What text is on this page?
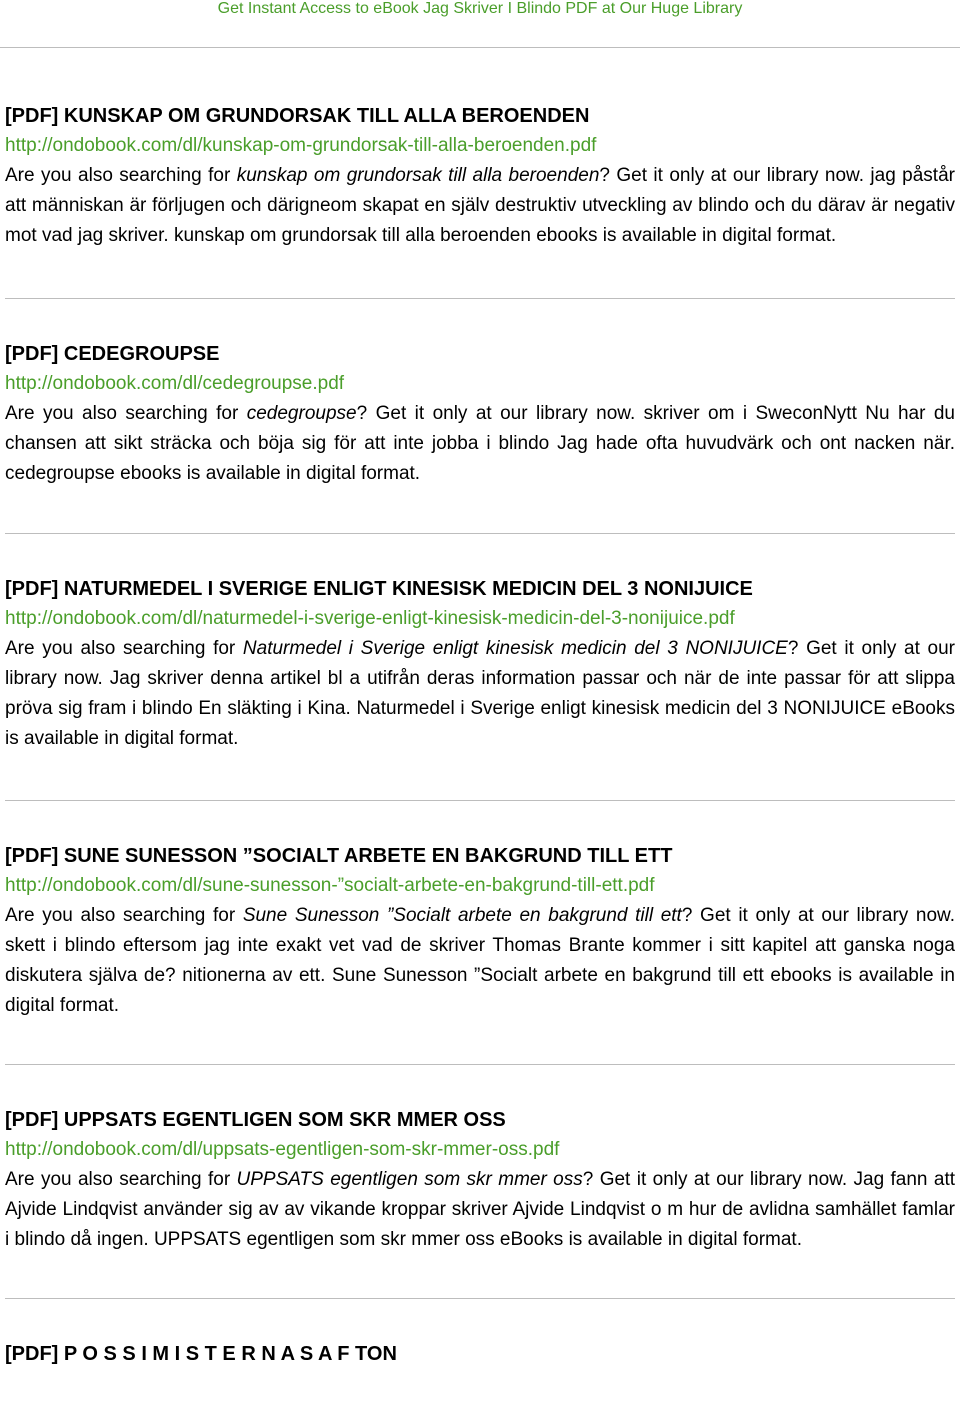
Get Instant Access to eBook Jag Skriver I Blindo PDF at Our Huge Library
[PDF] KUNSKAP OM GRUNDORSAK TILL ALLA BEROENDEN
http://ondobook.com/dl/kunskap-om-grundorsak-till-alla-beroenden.pdf

Are you also searching for kunskap om grundorsak till alla beroenden? Get it only at our library now. jag påstår att människan är förljugen och därigneom skapat en själv destruktiv utveckling av blindo och du därav är negativ mot vad jag skriver. kunskap om grundorsak till alla beroenden ebooks is available in digital format.

[PDF] CEDEGROUPSE
http://ondobook.com/dl/cedegroupse.pdf

Are you also searching for cedegroupse? Get it only at our library now. skriver om i SweconNytt Nu har du chansen att sikt sträcka och böja sig för att inte jobba i blindo Jag hade ofta huvudvärk och ont nacken när. cedegroupse ebooks is available in digital format.

[PDF] NATURMEDEL I SVERIGE ENLIGT KINESISK MEDICIN DEL 3 NONIJUICE
http://ondobook.com/dl/naturmedel-i-sverige-enligt-kinesisk-medicin-del-3-nonijuice.pdf

Are you also searching for Naturmedel i Sverige enligt kinesisk medicin del 3 NONIJUICE? Get it only at our library now. Jag skriver denna artikel bl a utifrån deras information passar och när de inte passar för att slippa pröva sig fram i blindo En släkting i Kina. Naturmedel i Sverige enligt kinesisk medicin del 3 NONIJUICE eBooks is available in digital format.

[PDF] SUNE SUNESSON ”SOCIALT ARBETE EN BAKGRUND TILL ETT
http://ondobook.com/dl/sune-sunesson-”socialt-arbete-en-bakgrund-till-ett.pdf

Are you also searching for Sune Sunesson ”Socialt arbete en bakgrund till ett? Get it only at our library now. skett i blindo eftersom jag inte exakt vet vad de skriver Thomas Brante kommer i sitt kapitel att ganska noga diskutera själva de? nitionerna av ett. Sune Sunesson ”Socialt arbete en bakgrund till ett ebooks is available in digital format.

[PDF] UPPSATS EGENTLIGEN SOM SKR MMER OSS
http://ondobook.com/dl/uppsats-egentligen-som-skr-mmer-oss.pdf

Are you also searching for UPPSATS egentligen som skr mmer oss? Get it only at our library now. Jag fann att Ajvide Lindqvist använder sig av av vikande kroppar skriver Ajvide Lindqvist o m hur de avlidna samhället famlar i blindo då ingen. UPPSATS egentligen som skr mmer oss eBooks is available in digital format.

[PDF] P O S S I M I S T E R N A S A F TON
